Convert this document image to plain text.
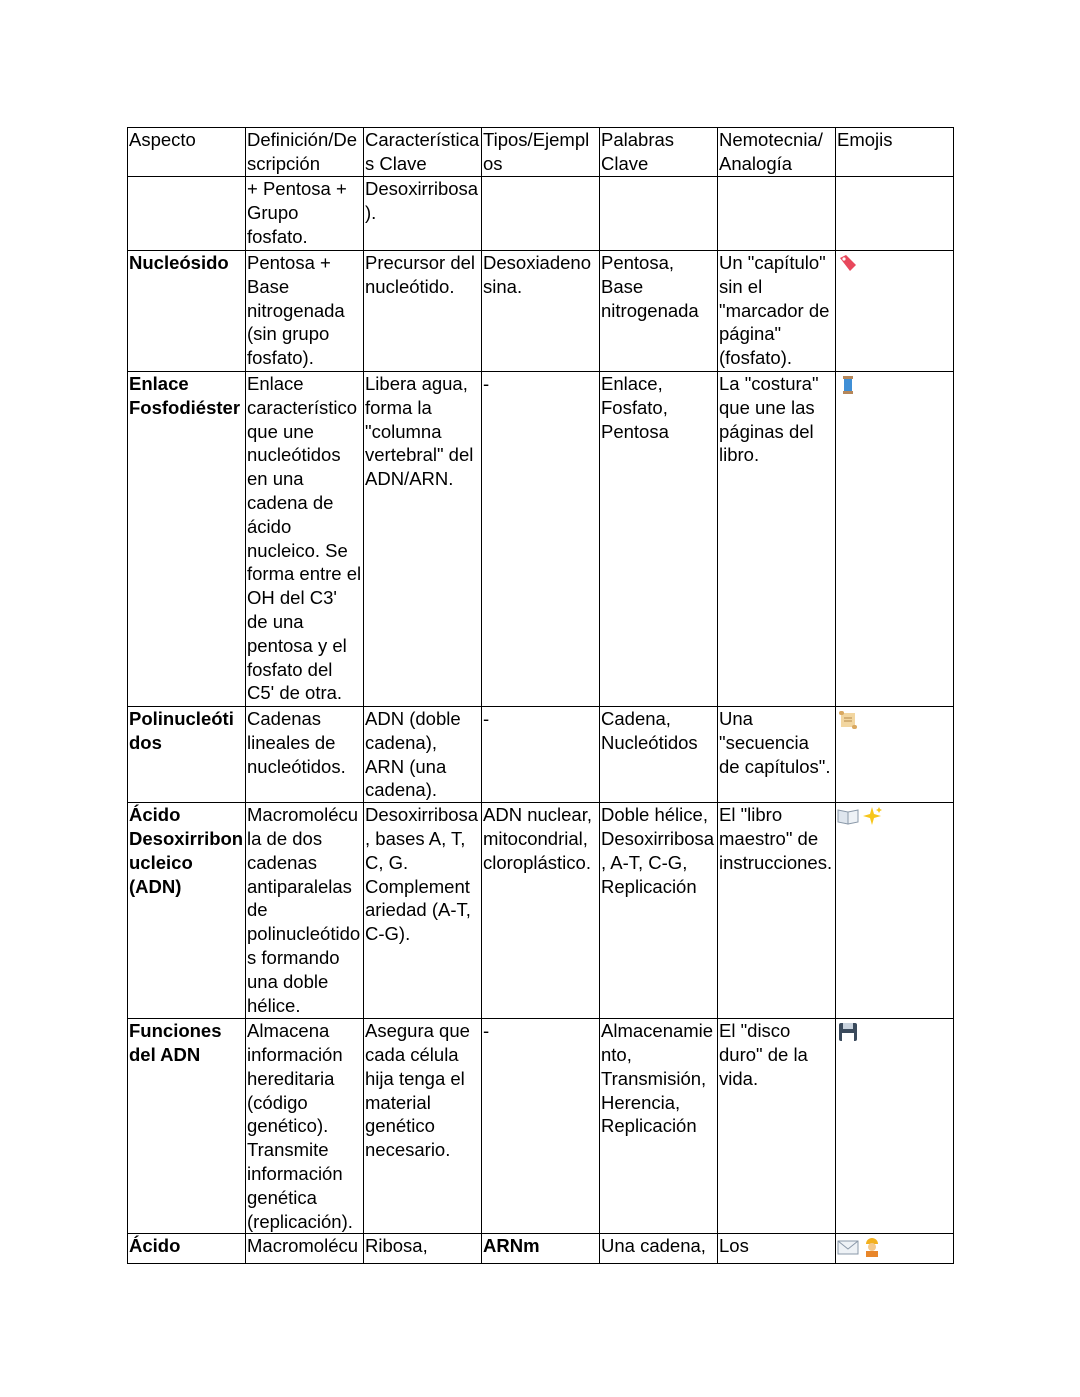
Aspecto	Definición/Descripción	Características Clave	Tipos/Ejemplos	Palabras Clave	Nemotecnia/ Analogía	Emojis
	+ Pentosa + Grupo fosfato.	Desoxirribosa).				
Nucleósido	Pentosa + Base nitrogenada (sin grupo fosfato).	Precursor del nucleótido.	Desoxiadenosina.	Pentosa, Base nitrogenada	Un "capítulo" sin el "marcador de página" (fosfato).	

Enlace Fosfodiéster	Enlace característico que une nucleótidos en una cadena de ácido nucleico. Se forma entre el OH del C3' de una pentosa y el fosfato del C5' de otra.	Libera agua, forma la "columna vertebral" del ADN/ARN.	-	Enlace, Fosfato, Pentosa	La "costura" que une las páginas del libro.	

Polinucleótidos	Cadenas lineales de nucleótidos.	ADN (doble cadena), ARN (una cadena).	-	Cadena, Nucleótidos	Una "secuencia de capítulos".	

Ácido Desoxirribonucleico (ADN)	Macromolécula de dos cadenas antiparalelas de polinucleótidos formando una doble hélice.	Desoxirribosa, bases A, T, C, G. Complementariedad (A-T, C-G).	ADN nuclear, mitocondrial, cloroplástico.	Doble hélice, Desoxirribosa, A-T, C-G, Replicación	El "libro maestro" de instrucciones.	

Funciones del ADN	Almacena información hereditaria (código genético). Transmite información genética (replicación).	Asegura que cada célula hija tenga el material genético necesario.	-	Almacenamiento, Transmisión, Herencia, Replicación	El "disco duro" de la vida.	

Ácido	Macromolécu	Ribosa,	ARNm	Una cadena,	Los	
